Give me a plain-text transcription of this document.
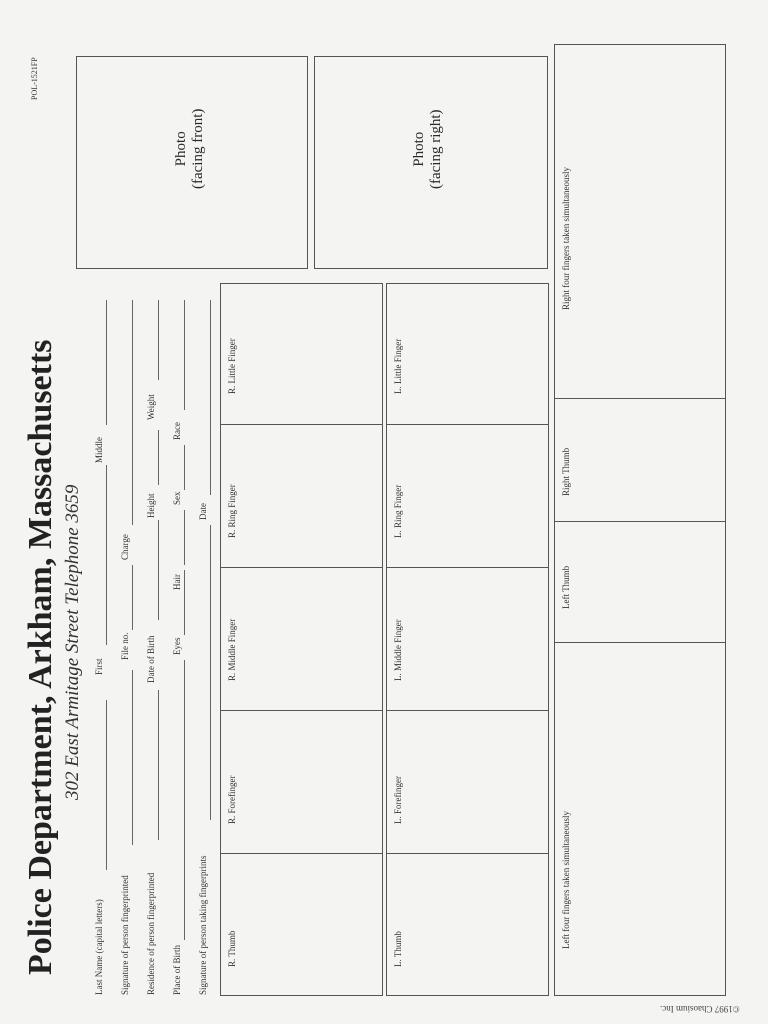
POL-1521FP
Police Department, Arkham, Massachusetts 302 East Armitage Street Telephone 3659
Last Name (capital letters)
First
Middle
Signature of person fingerprinted
File no.
Charge
Residence of person fingerprinted
Date of Birth
Height
Weight
Place of Birth
Eyes
Hair
Sex
Race
Signature of person taking fingerprints
Date
Photo (facing front)	Photo (facing right)
R. Little Finger
R. Ring Finger
R. Middle Finger
R. Forefinger
R. Thumb
L. Little Finger
L. Ring Finger
L. Middle Finger
L. Forefinger
L. Thumb
Right four fingers taken simultaneously
Right Thumb
Left Thumb
Left four fingers taken simultaneously
©1997 Chaosium Inc.
